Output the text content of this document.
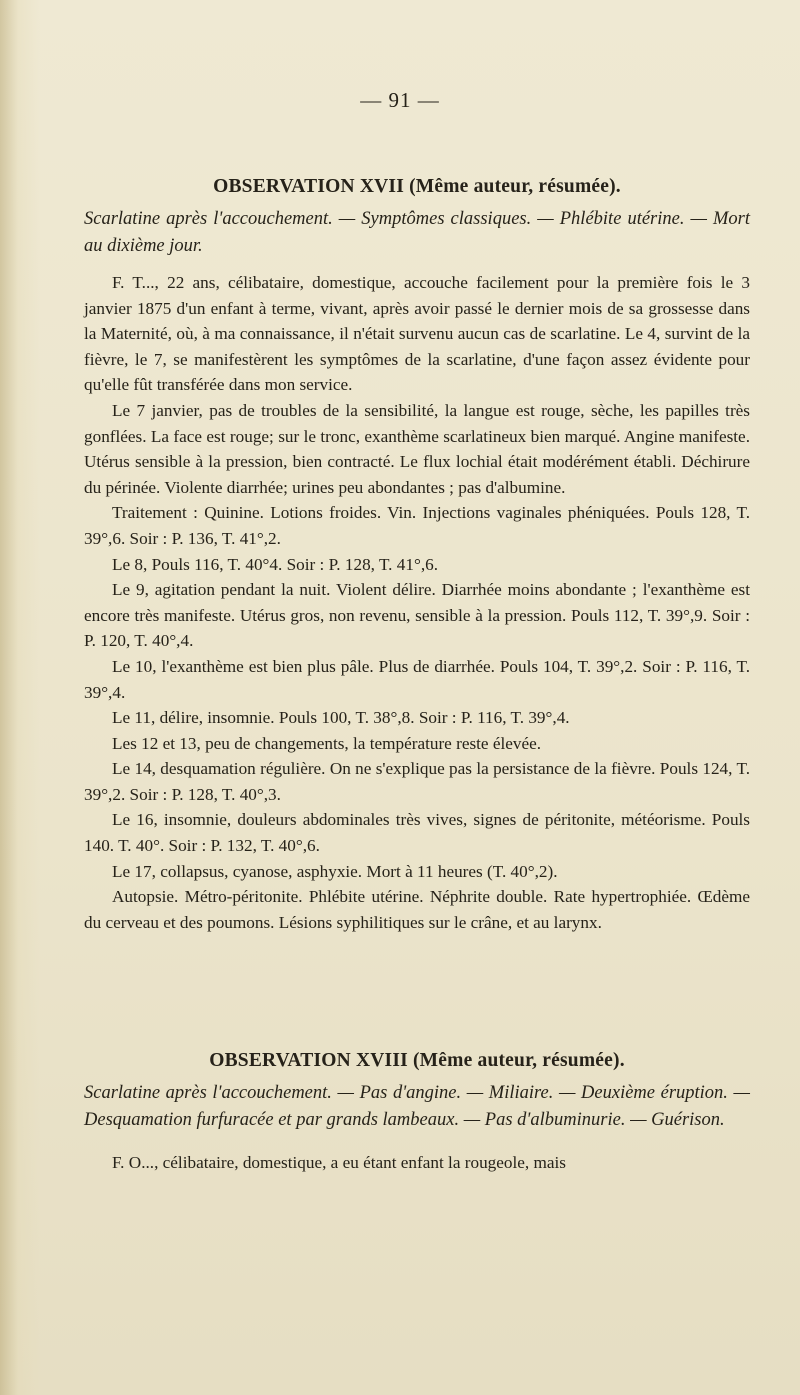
— 91 —
OBSERVATION XVII (Même auteur, résumée).

Scarlatine après l'accouchement. — Symptômes classiques. — Phlébite utérine. — Mort au dixième jour.

F. T..., 22 ans, célibataire, domestique, accouche facilement pour la première fois le 3 janvier 1875 d'un enfant à terme, vivant, après avoir passé le dernier mois de sa grossesse dans la Maternité, où, à ma connaissance, il n'était survenu aucun cas de scarlatine. Le 4, survint de la fièvre, le 7, se manifestèrent les symptômes de la scarlatine, d'une façon assez évidente pour qu'elle fût transférée dans mon service.

Le 7 janvier, pas de troubles de la sensibilité, la langue est rouge, sèche, les papilles très gonflées. La face est rouge; sur le tronc, exanthème scarlatineux bien marqué. Angine manifeste. Utérus sensible à la pression, bien contracté. Le flux lochial était modérément établi. Déchirure du périnée. Violente diarrhée; urines peu abondantes ; pas d'albumine.

Traitement : Quinine. Lotions froides. Vin. Injections vaginales phéniquées. Pouls 128, T. 39°,6. Soir : P. 136, T. 41°,2.

Le 8, Pouls 116, T. 40°4. Soir : P. 128, T. 41°,6.

Le 9, agitation pendant la nuit. Violent délire. Diarrhée moins abondante ; l'exanthème est encore très manifeste. Utérus gros, non revenu, sensible à la pression. Pouls 112, T. 39°,9. Soir : P. 120, T. 40°,4.

Le 10, l'exanthème est bien plus pâle. Plus de diarrhée. Pouls 104, T. 39°,2. Soir : P. 116, T. 39°,4.

Le 11, délire, insomnie. Pouls 100, T. 38°,8. Soir : P. 116, T. 39°,4.

Les 12 et 13, peu de changements, la température reste élevée.

Le 14, desquamation régulière. On ne s'explique pas la persistance de la fièvre. Pouls 124, T. 39°,2. Soir : P. 128, T. 40°,3.

Le 16, insomnie, douleurs abdominales très vives, signes de péritonite, météorisme. Pouls 140. T. 40°. Soir : P. 132, T. 40°,6.

Le 17, collapsus, cyanose, asphyxie. Mort à 11 heures (T. 40°,2).

Autopsie. Métro-péritonite. Phlébite utérine. Néphrite double. Rate hypertrophiée. Œdème du cerveau et des poumons. Lésions syphilitiques sur le crâne, et au larynx.

OBSERVATION XVIII (Même auteur, résumée).

Scarlatine après l'accouchement. — Pas d'angine. — Miliaire. — Deuxième éruption. — Desquamation furfuracée et par grands lambeaux. — Pas d'albuminurie. — Guérison.

F. O..., célibataire, domestique, a eu étant enfant la rougeole, mais
